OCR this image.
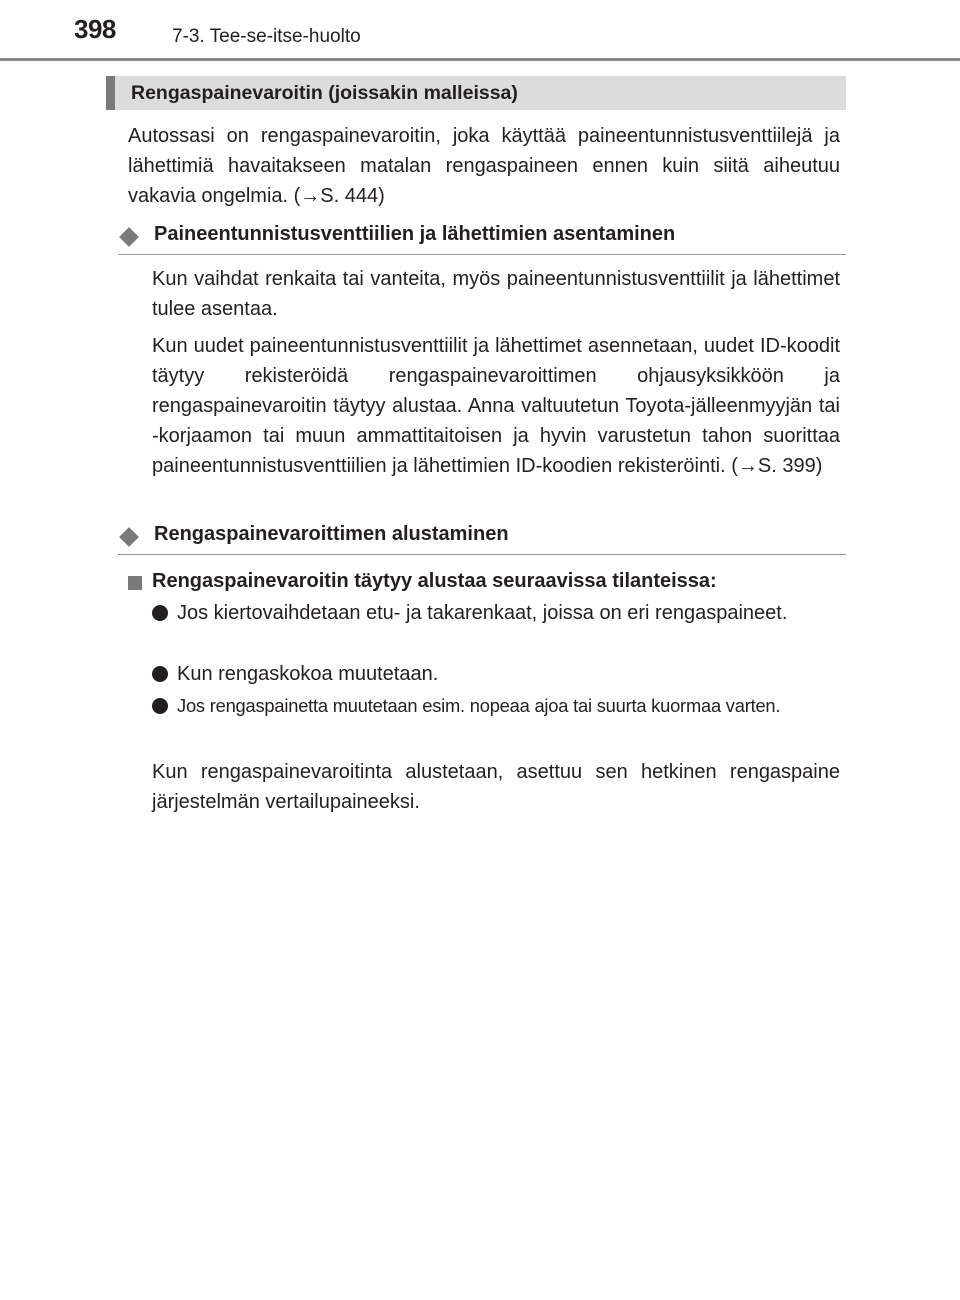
398	7-3. Tee-se-itse-huolto
Rengaspainevaroitin (joissakin malleissa)

Autossasi on rengaspainevaroitin, joka käyttää paineentunnistusventtiilejä ja lähettimiä havaitakseen matalan rengaspaineen ennen kuin siitä aiheutuu vakavia ongelmia. (→S. 444)

Paineentunnistusventtiilien ja lähettimien asentaminen

Kun vaihdat renkaita tai vanteita, myös paineentunnistusventtiilit ja lähettimet tulee asentaa.

Kun uudet paineentunnistusventtiilit ja lähettimet asennetaan, uudet ID-koodit täytyy rekisteröidä rengaspainevaroittimen ohjausyksikköön ja rengaspainevaroitin täytyy alustaa. Anna valtuutetun Toyota-jälleenmyyjän tai -korjaamon tai muun ammattitaitoisen ja hyvin varustetun tahon suorittaa paineentunnistusventtiilien ja lähettimien ID-koodien rekisteröinti. (→S. 399)

Rengaspainevaroittimen alustaminen
Rengaspainevaroitin täytyy alustaa seuraavissa tilanteissa:

Jos kiertovaihdetaan etu- ja takarenkaat, joissa on eri rengaspaineet.

Kun rengaskokoa muutetaan.

Jos rengaspainetta muutetaan esim. nopeaa ajoa tai suurta kuormaa varten.

Kun rengaspainevaroitinta alustetaan, asettuu sen hetkinen rengaspaine järjestelmän vertailupaineeksi.
